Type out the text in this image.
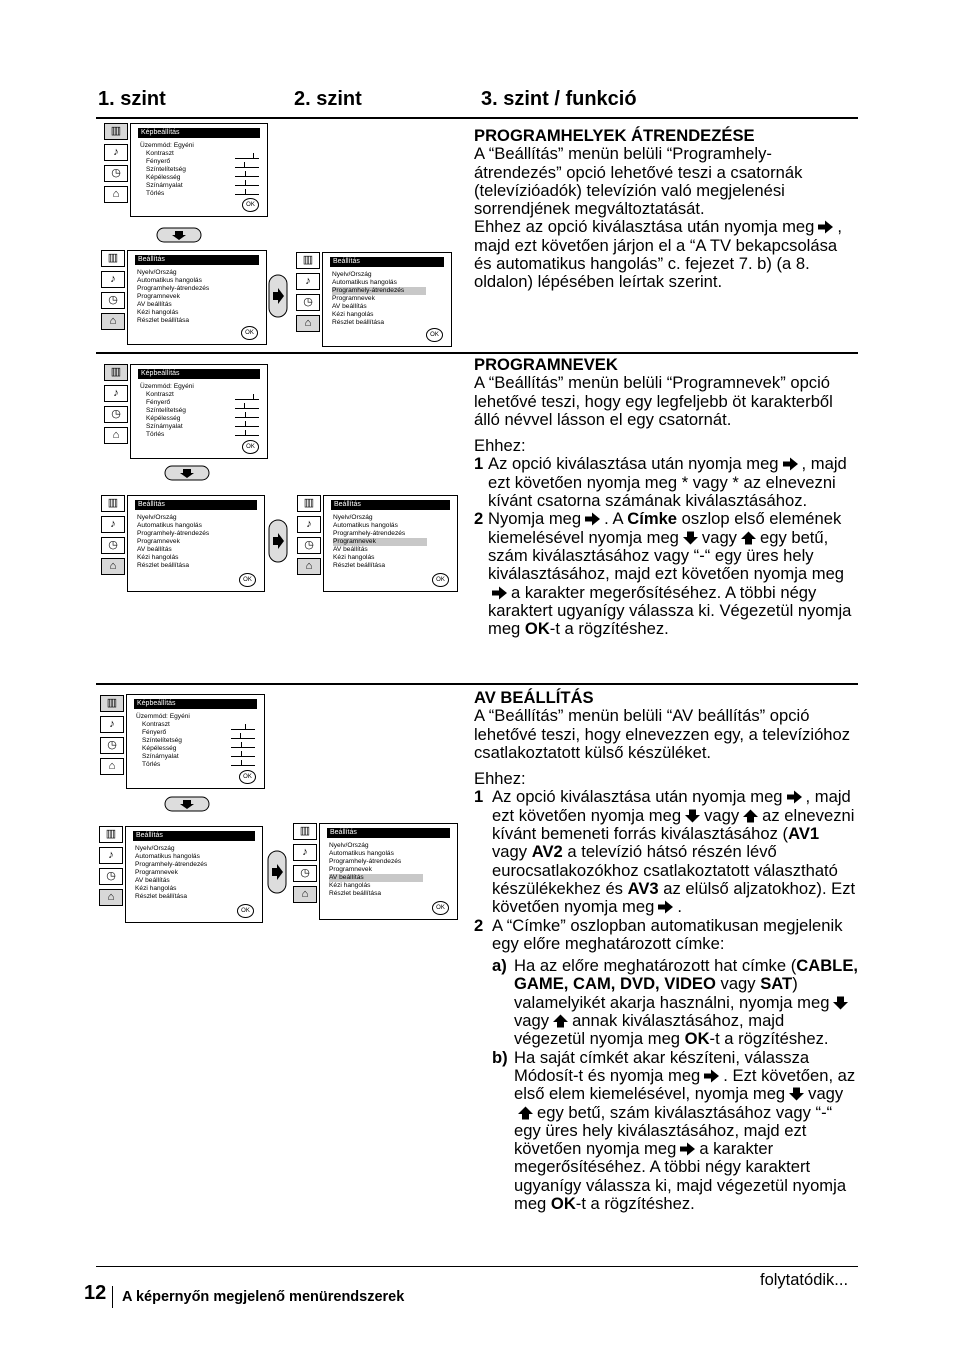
1. szint	2. szint	3. szint / funkció
▥
♪
◷
⌂
Képbeállítás
Üzemmód: Egyéni
Kontraszt
Fényerő
Színtelítetség
Képélesség
Színárnyalat
Törlés
OK
▥
♪
◷
⌂
Beállítás
Nyelv/Ország
Automatikus hangolás
Programhely-átrendezés
Programnevek
AV beállítás
Kézi hangolás
Részlet beállítása
OK
▥
♪
◷
⌂
Beállítás
Nyelv/Ország
Automatikus hangolás
Programhely-átrendezés
Programnevek
AV beállítás
Kézi hangolás
Részlet beállítása
OK
▥
♪
◷
⌂
Képbeállítás
Üzemmód: Egyéni
Kontraszt
Fényerő
Színtelítetség
Képélesség
Színárnyalat
Törlés
OK
▥
♪
◷
⌂
Beállítás
Nyelv/Ország
Automatikus hangolás
Programhely-átrendezés
Programnevek
AV beállítás
Kézi hangolás
Részlet beállítása
OK
▥
♪
◷
⌂
Beállítás
Nyelv/Ország
Automatikus hangolás
Programhely-átrendezés
Programnevek
AV beállítás
Kézi hangolás
Részlet beállítása
OK
▥
♪
◷
⌂
Képbeállítás
Üzemmód: Egyéni
Kontraszt
Fényerő
Színtelítetség
Képélesség
Színárnyalat
Törlés
OK
▥
♪
◷
⌂
Beállítás
Nyelv/Ország
Automatikus hangolás
Programhely-átrendezés
Programnevek
AV beállítás
Kézi hangolás
Részlet beállítása
OK
▥
♪
◷
⌂
Beállítás
Nyelv/Ország
Automatikus hangolás
Programhely-átrendezés
Programnevek
AV beállítás
Kézi hangolás
Részlet beállítása
OK

PROGRAMHELYEK ÁTRENDEZÉSE

A “Beállítás” menün belüli “Programhely-átrendezés” opció lehetővé teszi a csatornák (televízióadók) televízión való megjelenési sorrendjének megváltoztatását.

Ehhez az opció kiválasztása után nyomja meg , majd ezt követően járjon el a “A TV bekapcsolása és automatikus hangolás” c. fejezet 7. b) (a 8. oldalon) lépésében leírtak szerint.

PROGRAMNEVEK

A “Beállítás” menün belüli “Programnevek” opció lehetővé teszi, hogy egy legfeljebb öt karakterből álló névvel lásson el egy csatornát.

Ehhez:

1 Az opció kiválasztása után nyomja meg , majd ezt követően nyomja meg * vagy * az elnevezni kívánt csatorna számának kiválasztásához.
2 Nyomja meg . A Címke oszlop első elemének kiemelésével nyomja meg vagy egy betű, szám kiválasztásához vagy “-“ egy üres hely kiválasztásához, majd ezt követően nyomja mega karakter megerősítéséhez. A többi négy karaktert ugyanígy válassza ki. Végezetül nyomja meg OK-t a rögzítéshez.

AV BEÁLLÍTÁS

A “Beállítás” menün belüli “AV beállítás” opció lehetővé teszi, hogy elnevezzen egy, a televízióhoz csatlakoztatott külső készüléket.

Ehhez:

1 Az opció kiválasztása után nyomja meg , majd ezt követően nyomja meg vagy az elnevezni kívánt bemeneti forrás kiválasztásához (AV1 vagy AV2 a televízió hátsó részén lévő eurocsatlakozókhoz csatlakoztatott választható készülékekhez és AV3 az elülső aljzatokhoz). Ezt követően nyomja meg .
2 A “Címke” oszlopban automatikusan megjelenik egy előre meghatározott címke:
a) Ha az előre meghatározott hat címke (CABLE, GAME, CAM, DVD, VIDEO vagy SAT) valamelyikét akarja használni, nyomja megvagy annak kiválasztásához, majd végezetül nyomja meg OK-t a rögzítéshez.
b) Ha saját címkét akar készíteni, válassza Módosít-t és nyomja meg . Ezt követően, az első elem kiemelésével, nyomja meg vagyegy betű, szám kiválasztásához vagy “-“ egy üres hely kiválasztásához, majd ezt követően nyomja meg a karakter megerősítéséhez. A többi négy karaktert ugyanígy válassza ki, majd végezetül nyomja meg OK-t a rögzítéshez.
folytatódik...
12 A képernyőn megjelenő menürendszerek
